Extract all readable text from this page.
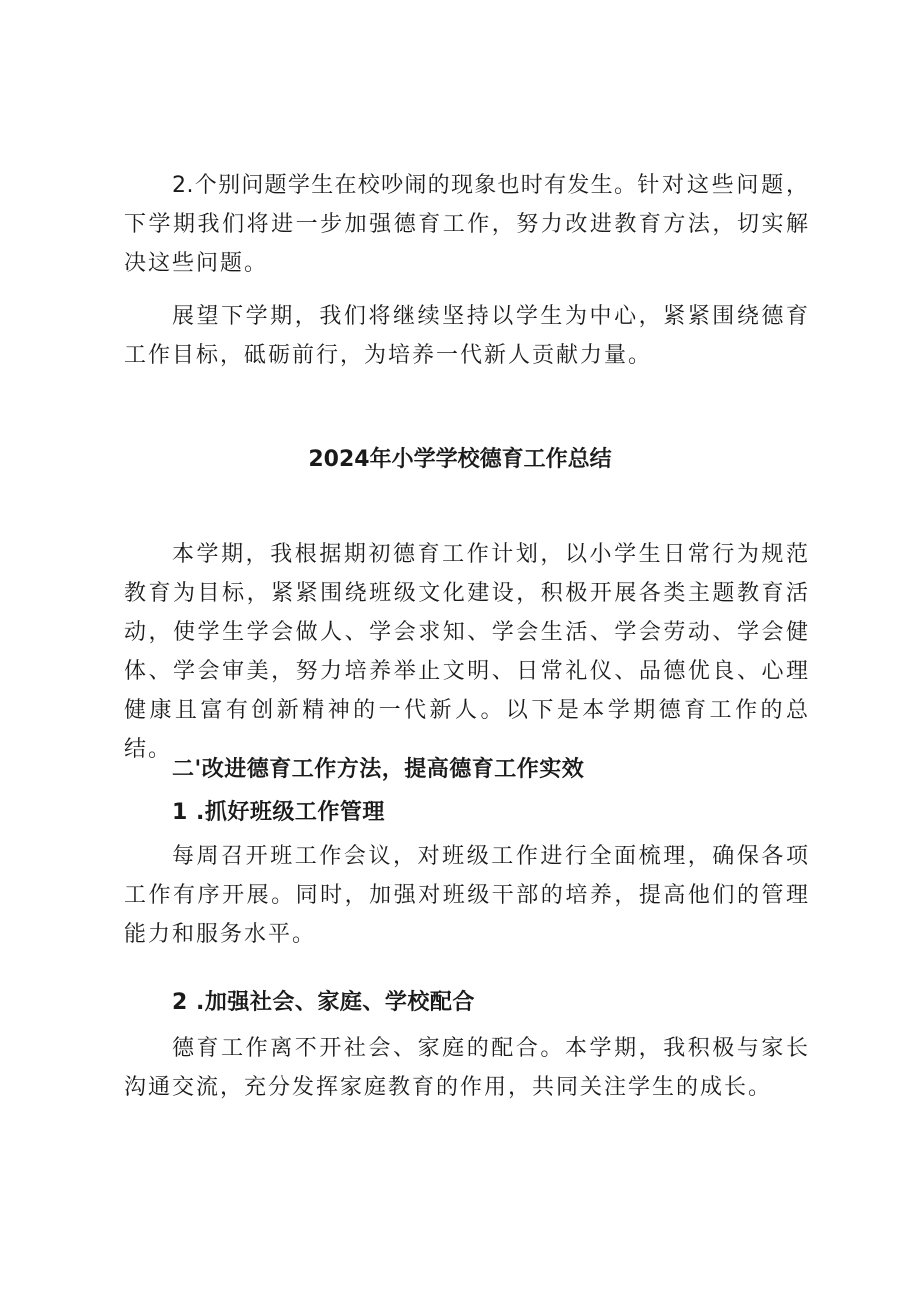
2.个别问题学生在校吵闹的现象也时有发生。针对这些问题，下学期我们将进一步加强德育工作，努力改进教育方法，切实解决这些问题。

展望下学期，我们将继续坚持以学生为中心，紧紧围绕德育工作目标，砥砺前行，为培养一代新人贡献力量。

2024年小学学校德育工作总结

本学期，我根据期初德育工作计划，以小学生日常行为规范教育为目标，紧紧围绕班级文化建设，积极开展各类主题教育活动，使学生学会做人、学会求知、学会生活、学会劳动、学会健体、学会审美，努力培养举止文明、日常礼仪、品德优良、心理健康且富有创新精神的一代新人。以下是本学期德育工作的总结。

二'改进德育工作方法，提高德育工作实效
1 .抓好班级工作管理

每周召开班工作会议，对班级工作进行全面梳理，确保各项工作有序开展。同时，加强对班级干部的培养，提高他们的管理能力和服务水平。

2 .加强社会、家庭、学校配合

德育工作离不开社会、家庭的配合。本学期，我积极与家长沟通交流，充分发挥家庭教育的作用，共同关注学生的成长。
